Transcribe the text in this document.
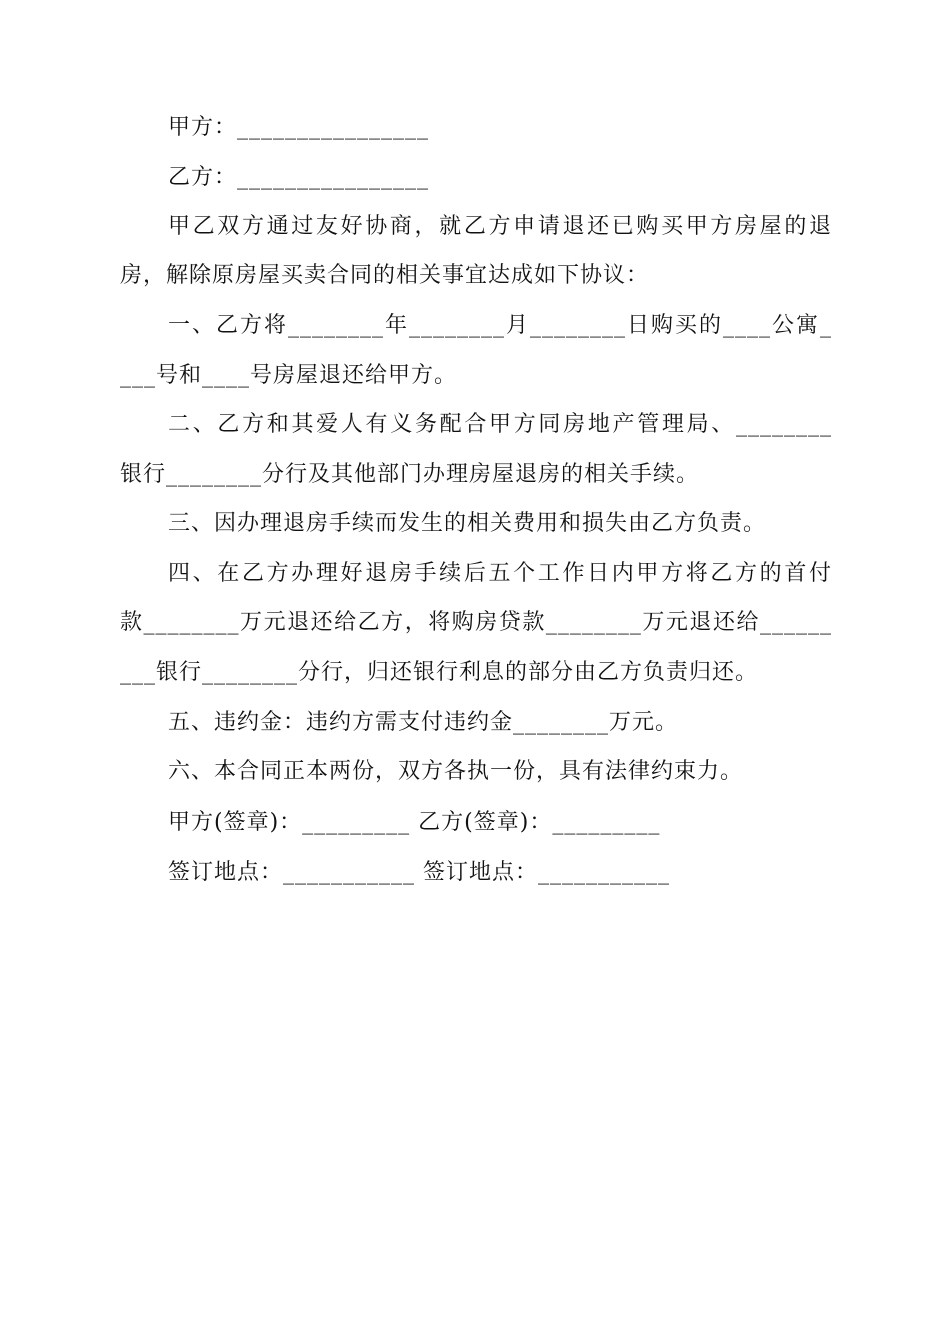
甲方：________________
乙方：________________
甲乙双方通过友好协商，就乙方申请退还已购买甲方房屋的退
房，解除原房屋买卖合同的相关事宜达成如下协议：
一、乙方将________年________月________日购买的____公寓_
___号和____号房屋退还给甲方。
二、乙方和其爱人有义务配合甲方同房地产管理局、________
银行________分行及其他部门办理房屋退房的相关手续。
三、因办理退房手续而发生的相关费用和损失由乙方负责。
四、在乙方办理好退房手续后五个工作日内甲方将乙方的首付
款________万元退还给乙方，将购房贷款________万元退还给______
___银行________分行，归还银行利息的部分由乙方负责归还。
五、违约金：违约方需支付违约金________万元。
六、本合同正本两份，双方各执一份，具有法律约束力。
甲方(签章)：_________ 乙方(签章)：_________
签订地点：___________ 签订地点：___________
